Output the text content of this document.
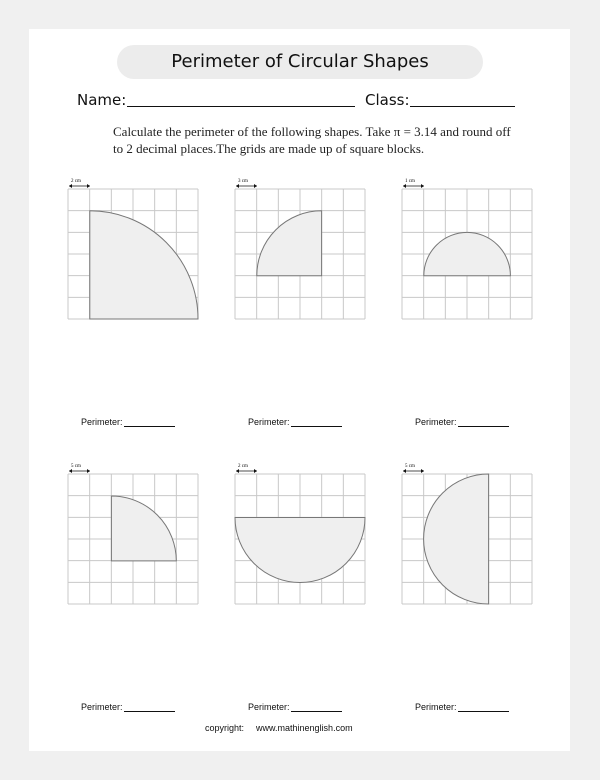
Perimeter of Circular Shapes
Name:	Class:
Calculate the perimeter of the following shapes. Take π = 3.14 and round off to 2 decimal places.The grids are made up of square blocks.
2 cm
Perimeter:
3 cm
Perimeter:
1 cm
Perimeter:
5 cm
Perimeter:
2 cm
Perimeter:
5 cm
Perimeter:
copyright: www.mathinenglish.com
